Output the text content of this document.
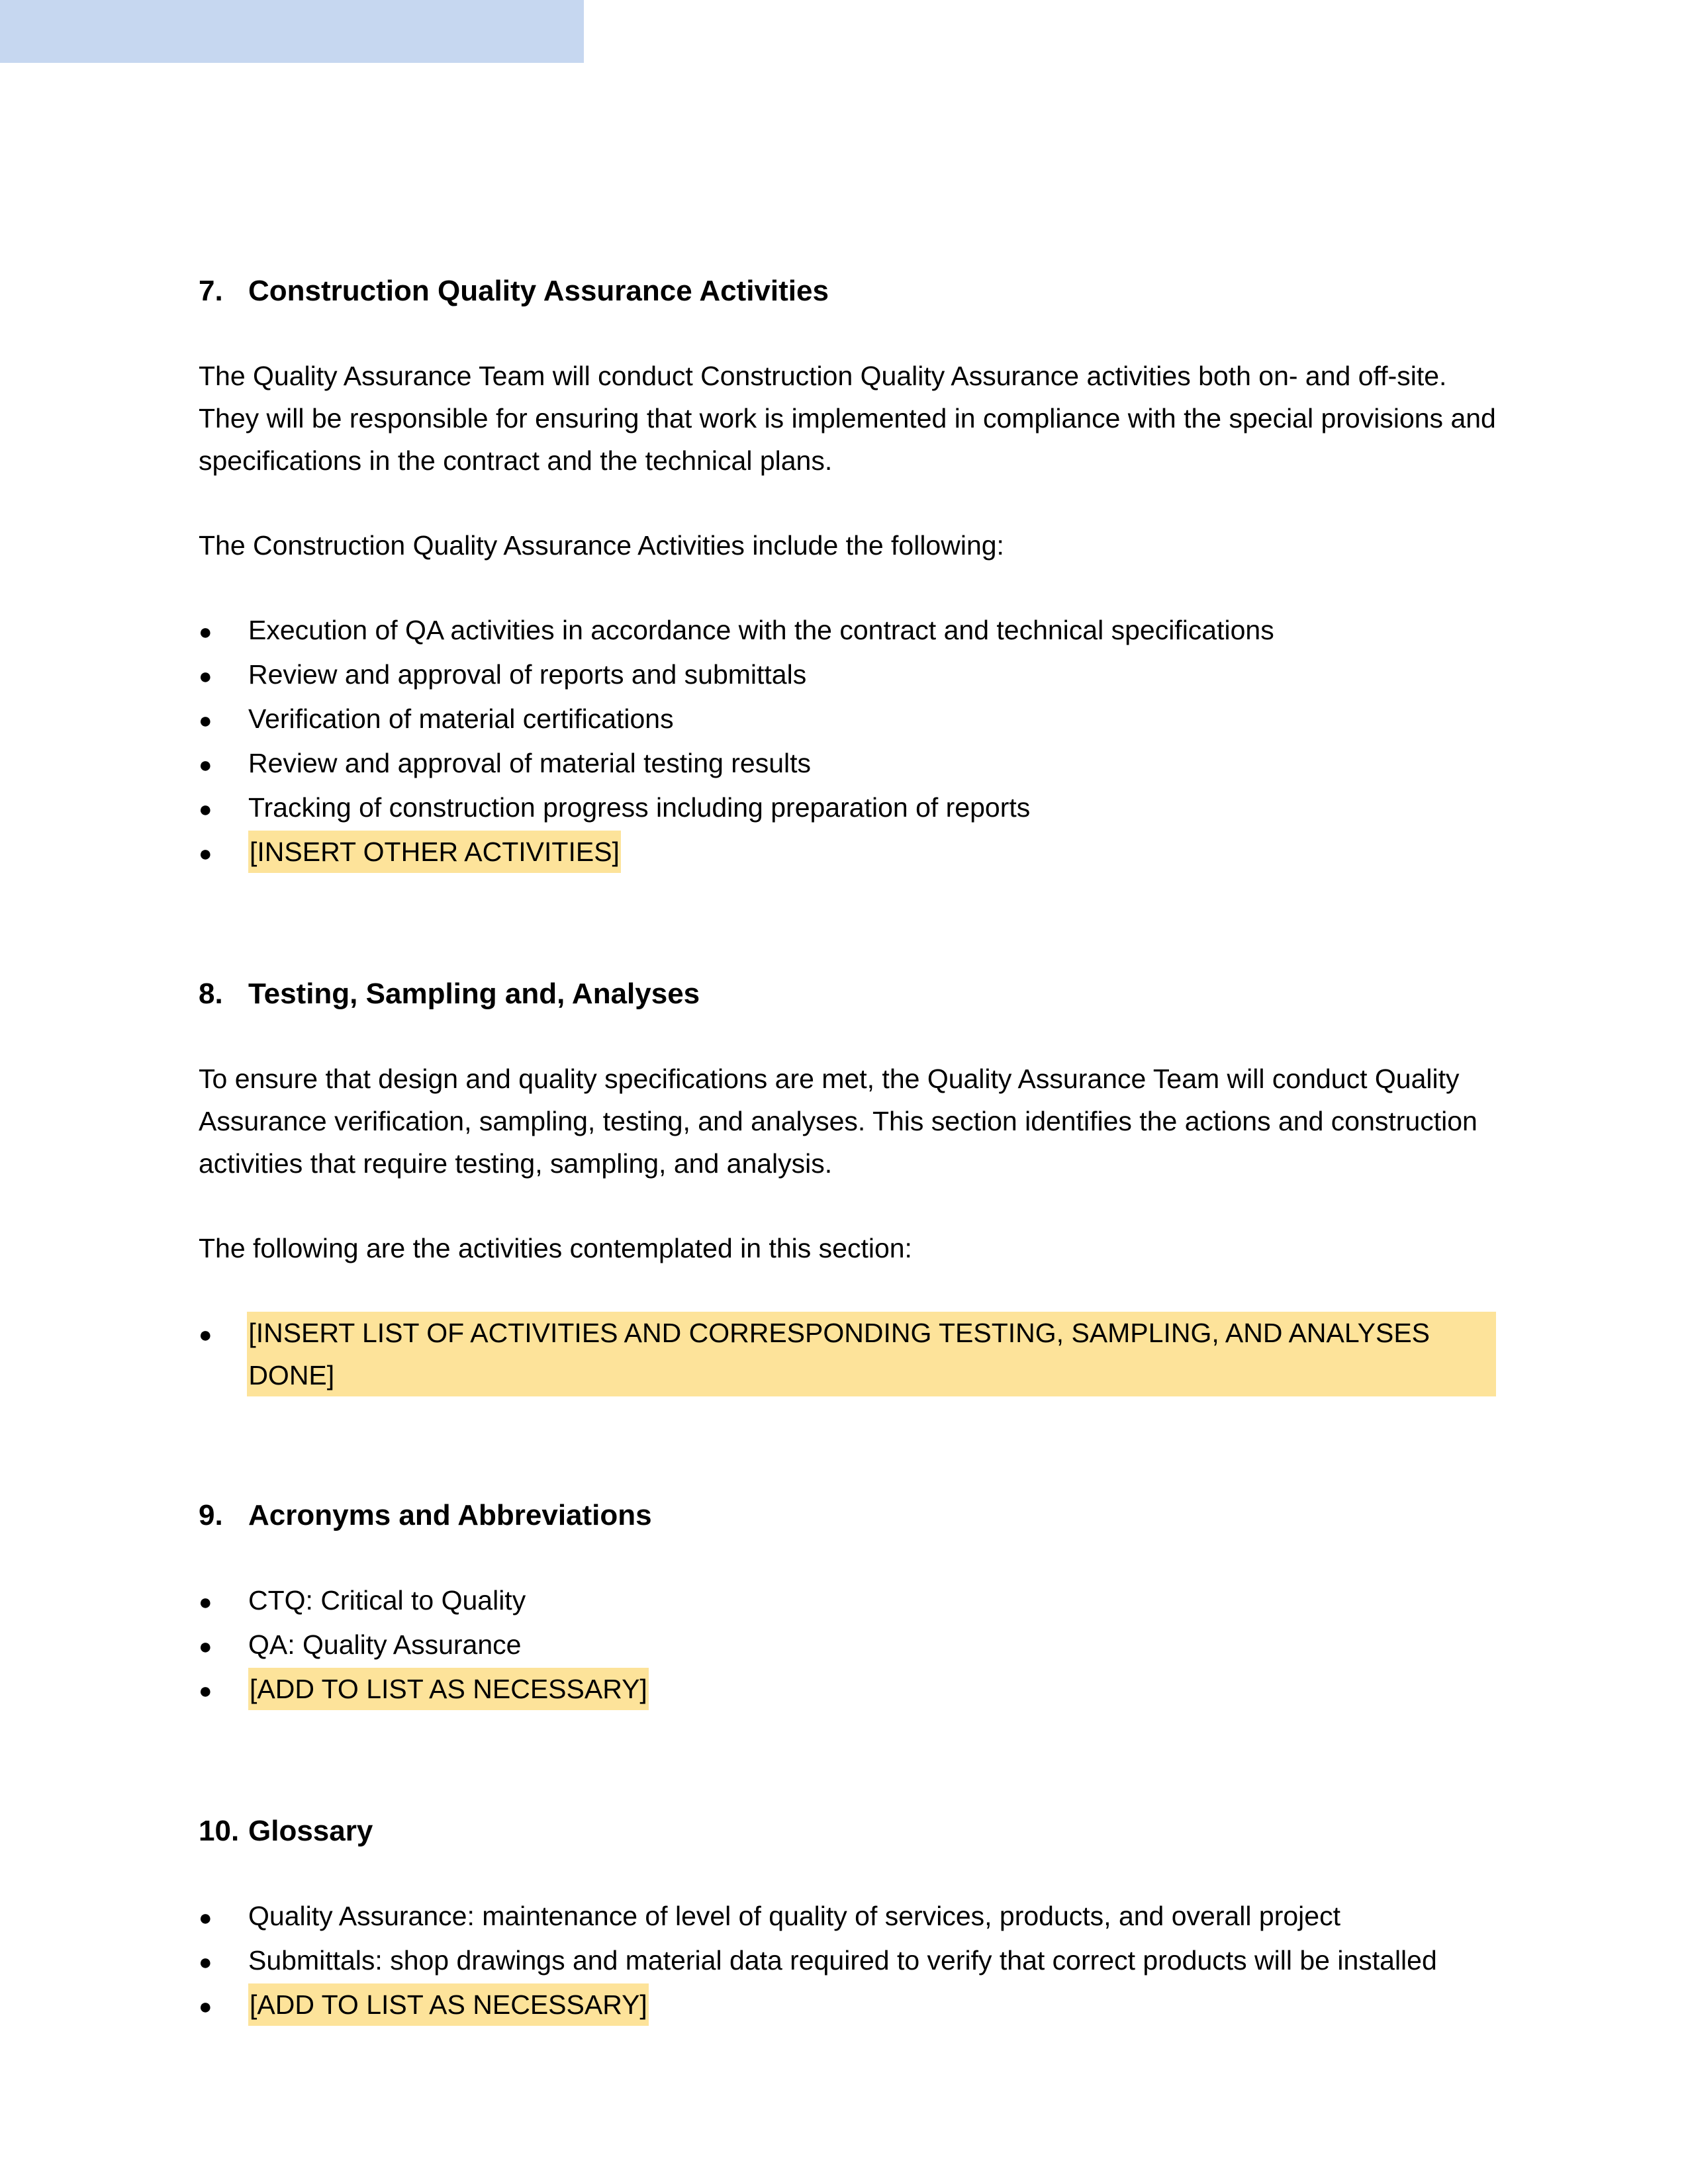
7. Construction Quality Assurance Activities

The Quality Assurance Team will conduct Construction Quality Assurance activities both on- and off-site. They will be responsible for ensuring that work is implemented in compliance with the special provisions and specifications in the contract and the technical plans.

The Construction Quality Assurance Activities include the following:

●	Execution of QA activities in accordance with the contract and technical specifications
●	Review and approval of reports and submittals
●	Verification of material certifications
●	Review and approval of material testing results
●	Tracking of construction progress including preparation of reports
●	[INSERT OTHER ACTIVITIES]
8. Testing, Sampling and, Analyses

To ensure that design and quality specifications are met, the Quality Assurance Team will conduct Quality Assurance verification, sampling, testing, and analyses. This section identifies the actions and construction activities that require testing, sampling, and analysis.

The following are the activities contemplated in this section:

●	[INSERT LIST OF ACTIVITIES AND CORRESPONDING TESTING, SAMPLING, AND ANALYSES DONE]
9. Acronyms and Abbreviations
●	CTQ: Critical to Quality
●	QA: Quality Assurance
●	[ADD TO LIST AS NECESSARY]
10. Glossary
●	Quality Assurance: maintenance of level of quality of services, products, and overall project
●	Submittals: shop drawings and material data required to verify that correct products will be installed
●	[ADD TO LIST AS NECESSARY]
